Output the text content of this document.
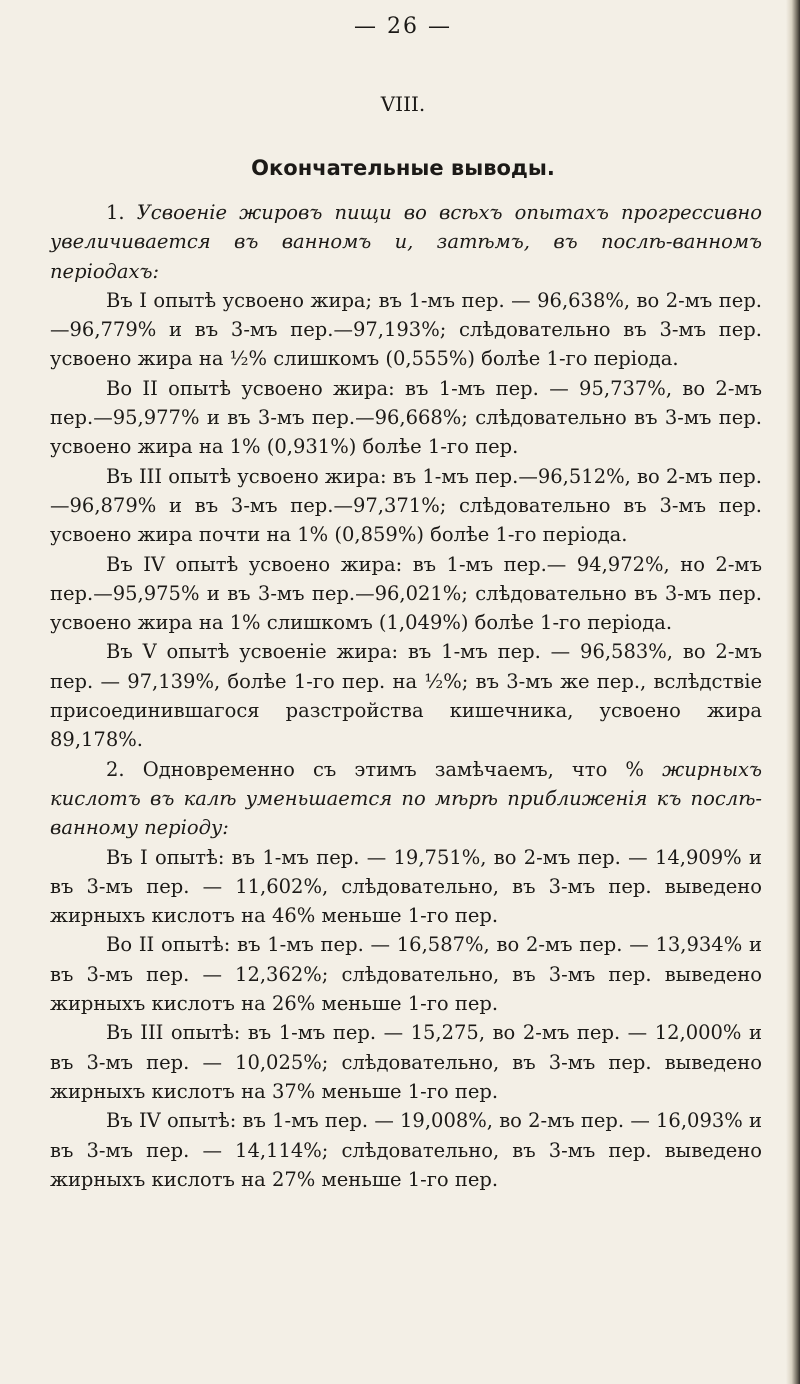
— 26 —
VIII.
Окончательные выводы.

1. Усвоеніе жировъ пищи во всѣхъ опытахъ прогрессивно увеличивается въ ванномъ и, затѣмъ, въ послѣ-ванномъ періодахъ:

Въ I опытѣ усвоено жира; въ 1-мъ пер. — 96,638%, во 2-мъ пер.—96,779% и въ 3-мъ пер.—97,193%; слѣдовательно въ 3-мъ пер. усвоено жира на ½% слишкомъ (0,555%) болѣе 1-го періода.

Во II опытѣ усвоено жира: въ 1-мъ пер. — 95,737%, во 2-мъ пер.—95,977% и въ 3-мъ пер.—96,668%; слѣдовательно въ 3-мъ пер. усвоено жира на 1% (0,931%) болѣе 1-го пер.

Въ III опытѣ усвоено жира: въ 1-мъ пер.—96,512%, во 2-мъ пер.—96,879% и въ 3-мъ пер.—97,371%; слѣдовательно въ 3-мъ пер. усвоено жира почти на 1% (0,859%) болѣе 1-го періода.

Въ IV опытѣ усвоено жира: въ 1-мъ пер.— 94,972%, но 2-мъ пер.—95,975% и въ 3-мъ пер.—96,021%; слѣдовательно въ 3-мъ пер. усвоено жира на 1% слишкомъ (1,049%) болѣе 1-го періода.

Въ V опытѣ усвоеніе жира: въ 1-мъ пер. — 96,583%, во 2-мъ пер. — 97,139%, болѣе 1-го пер. на ½%; въ 3-мъ же пер., вслѣдствіе присоединившагося разстройства кишечника, усвоено жира 89,178%.

2. Одновременно съ этимъ замѣчаемъ, что % жирныхъ кислотъ въ калѣ уменьшается по мѣрѣ приближенія къ послѣ-ванному періоду:

Въ I опытѣ: въ 1-мъ пер. — 19,751%, во 2-мъ пер. — 14,909% и въ 3-мъ пер. — 11,602%, слѣдовательно, въ 3-мъ пер. выведено жирныхъ кислотъ на 46% меньше 1-го пер.

Во II опытѣ: въ 1-мъ пер. — 16,587%, во 2-мъ пер. — 13,934% и въ 3-мъ пер. — 12,362%; слѣдовательно, въ 3-мъ пер. выведено жирныхъ кислотъ на 26% меньше 1-го пер.

Въ III опытѣ: въ 1-мъ пер. — 15,275, во 2-мъ пер. — 12,000% и въ 3-мъ пер. — 10,025%; слѣдовательно, въ 3-мъ пер. выведено жирныхъ кислотъ на 37% меньше 1-го пер.

Въ IV опытѣ: въ 1-мъ пер. — 19,008%, во 2-мъ пер. — 16,093% и въ 3-мъ пер. — 14,114%; слѣдовательно, въ 3-мъ пер. выведено жирныхъ кислотъ на 27% меньше 1-го пер.
